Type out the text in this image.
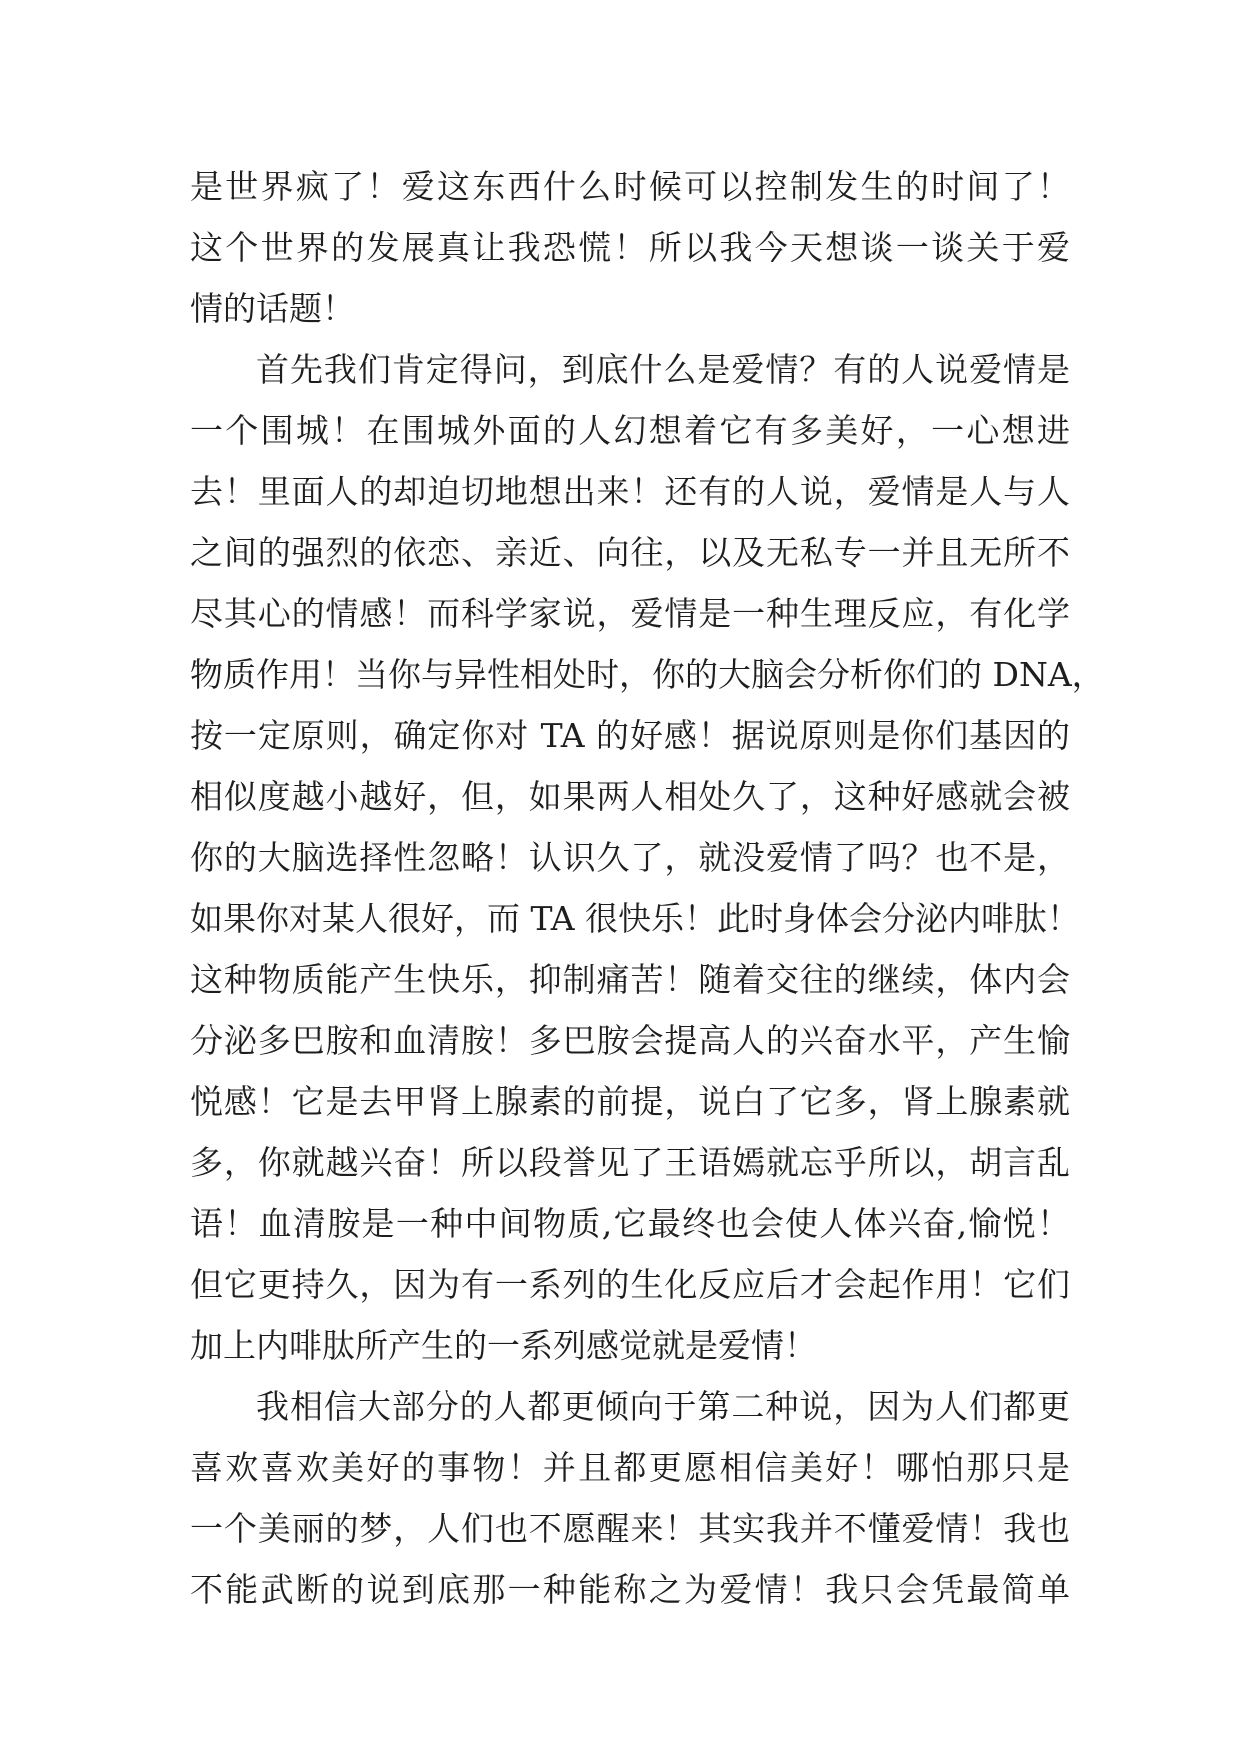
是世界疯了！爱这东西什么时候可以控制发生的时间了！
这个世界的发展真让我恐慌！所以我今天想谈一谈关于爱
情的话题！
首先我们肯定得问，到底什么是爱情？有的人说爱情是
一个围城！在围城外面的人幻想着它有多美好，一心想进
去！里面人的却迫切地想出来！还有的人说，爱情是人与人
之间的强烈的依恋、亲近、向往，以及无私专一并且无所不
尽其心的情感！而科学家说，爱情是一种生理反应，有化学
物质作用！当你与异性相处时，你的大脑会分析你们的 DNA，
按一定原则，确定你对 TA 的好感！据说原则是你们基因的
相似度越小越好，但，如果两人相处久了，这种好感就会被
你的大脑选择性忽略！认识久了，就没爱情了吗？也不是，
如果你对某人很好，而 TA 很快乐！此时身体会分泌内啡肽！
这种物质能产生快乐，抑制痛苦！随着交往的继续，体内会
分泌多巴胺和血清胺！多巴胺会提高人的兴奋水平，产生愉
悦感！它是去甲肾上腺素的前提，说白了它多，肾上腺素就
多，你就越兴奋！所以段誉见了王语嫣就忘乎所以，胡言乱
语！血清胺是一种中间物质,它最终也会使人体兴奋,愉悦！
但它更持久，因为有一系列的生化反应后才会起作用！它们
加上内啡肽所产生的一系列感觉就是爱情！
我相信大部分的人都更倾向于第二种说，因为人们都更
喜欢喜欢美好的事物！并且都更愿相信美好！哪怕那只是
一个美丽的梦，人们也不愿醒来！其实我并不懂爱情！我也
不能武断的说到底那一种能称之为爱情！我只会凭最简单
